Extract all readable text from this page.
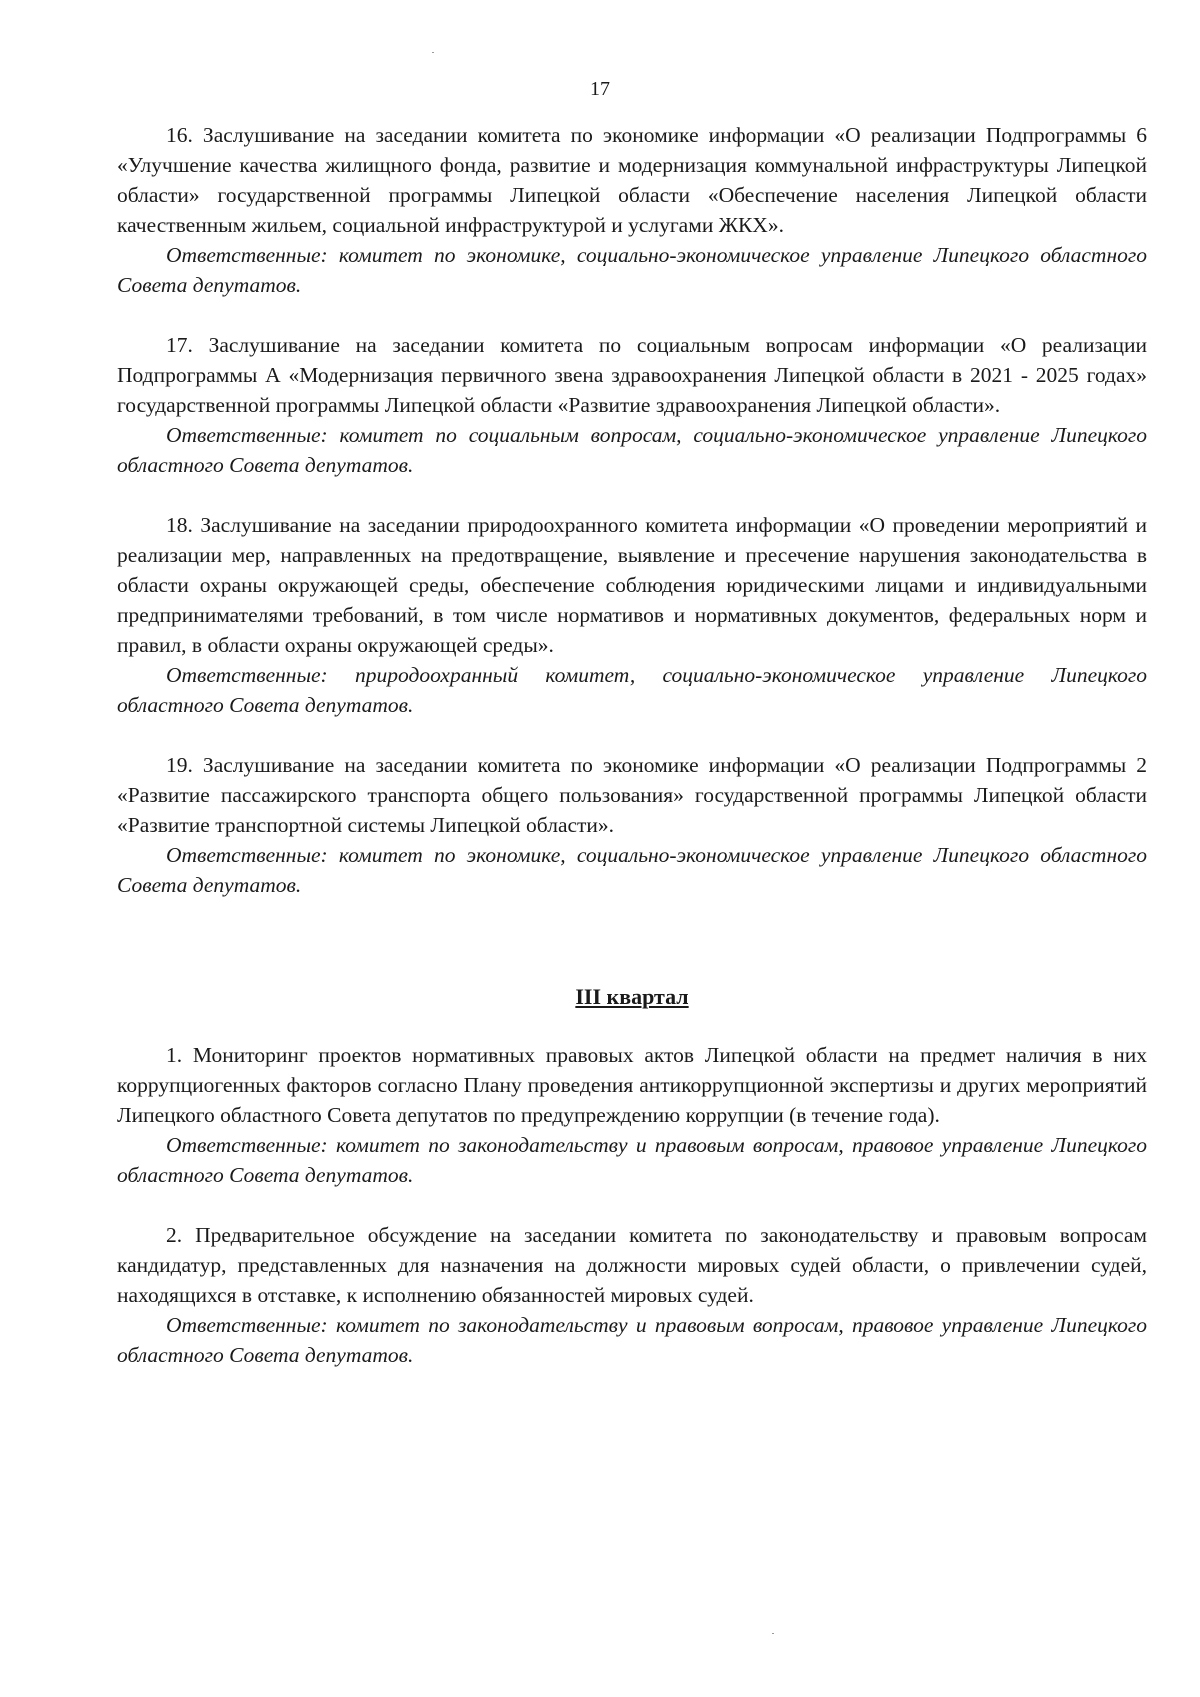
17

16. Заслушивание на заседании комитета по экономике информации «О реализации Подпрограммы 6 «Улучшение качества жилищного фонда, развитие и модернизация коммунальной инфраструктуры Липецкой области» государственной программы Липецкой области «Обеспечение населения Липецкой области качественным жильем, социальной инфраструктурой и услугами ЖКХ».

Ответственные: комитет по экономике, социально-экономическое управление Липецкого областного Совета депутатов.

17. Заслушивание на заседании комитета по социальным вопросам информации «О реализации Подпрограммы А «Модернизация первичного звена здравоохранения Липецкой области в 2021 - 2025 годах» государственной программы Липецкой области «Развитие здравоохранения Липецкой области».

Ответственные: комитет по социальным вопросам, социально-экономическое управление Липецкого областного Совета депутатов.

18. Заслушивание на заседании природоохранного комитета информации «О проведении мероприятий и реализации мер, направленных на предотвращение, выявление и пресечение нарушения законодательства в области охраны окружающей среды, обеспечение соблюдения юридическими лицами и индивидуальными предпринимателями требований, в том числе нормативов и нормативных документов, федеральных норм и правил, в области охраны окружающей среды».

Ответственные: природоохранный комитет, социально-экономическое управление Липецкого областного Совета депутатов.

19. Заслушивание на заседании комитета по экономике информации «О реализации Подпрограммы 2 «Развитие пассажирского транспорта общего пользования» государственной программы Липецкой области «Развитие транспортной системы Липецкой области».

Ответственные: комитет по экономике, социально-экономическое управление Липецкого областного Совета депутатов.

III квартал

1. Мониторинг проектов нормативных правовых актов Липецкой области на предмет наличия в них коррупциогенных факторов согласно Плану проведения антикоррупционной экспертизы и других мероприятий Липецкого областного Совета депутатов по предупреждению коррупции (в течение года).

Ответственные: комитет по законодательству и правовым вопросам, правовое управление Липецкого областного Совета депутатов.

2. Предварительное обсуждение на заседании комитета по законодательству и правовым вопросам кандидатур, представленных для назначения на должности мировых судей области, о привлечении судей, находящихся в отставке, к исполнению обязанностей мировых судей.

Ответственные: комитет по законодательству и правовым вопросам, правовое управление Липецкого областного Совета депутатов.
